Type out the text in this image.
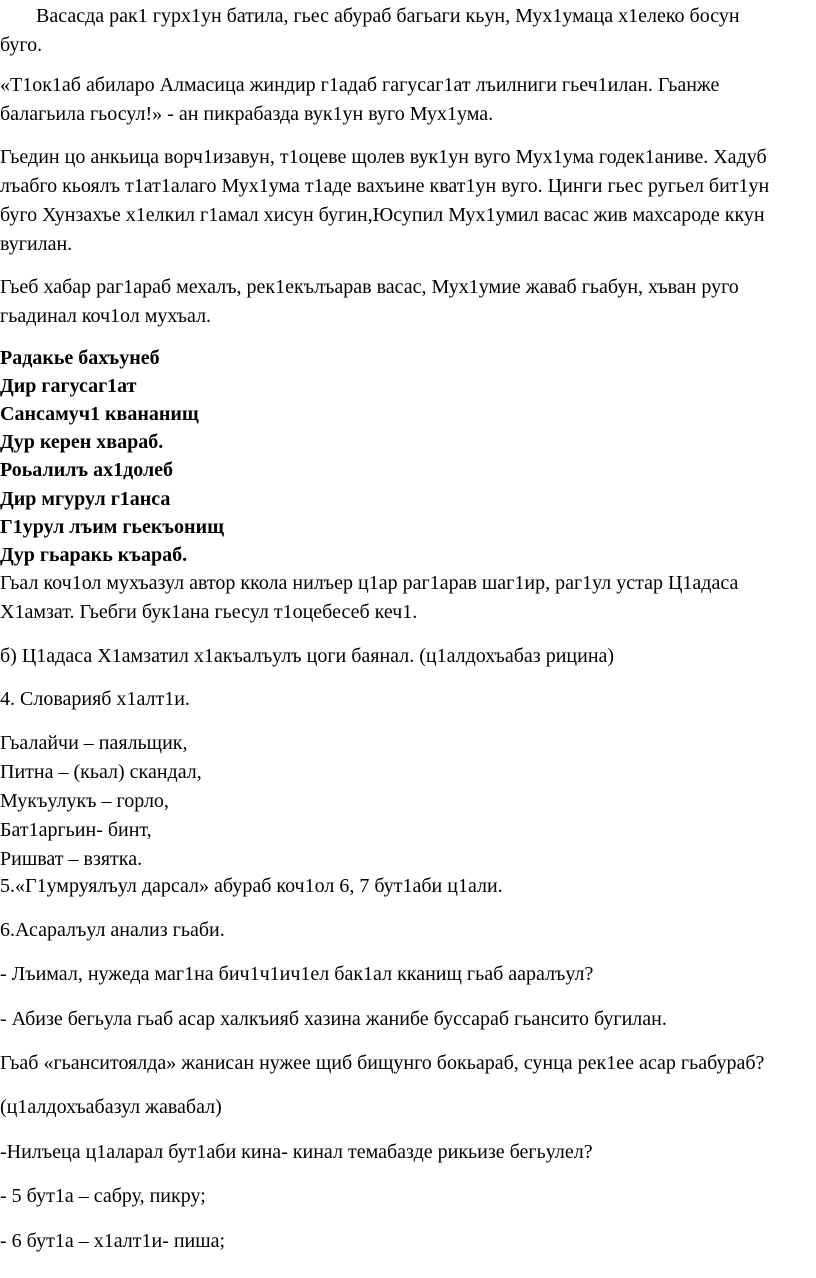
Васасда рак1 гурх1ун батила, гьес абураб багьаги кьун, Мух1умаца х1елеко босун

буго.

«Т1ок1аб абиларо Алмасица жиндир г1адаб гагусаг1ат лъилниги гьеч1илан. Гьанже

балагьила гьосул!» - ан пикрабазда вук1ун вуго Мух1ума.

Гьедин цо анкьица ворч1изавун, т1оцеве щолев вук1ун вуго Мух1ума годек1аниве. Хадуб

лъабго кьоялъ т1ат1алаго Мух1ума т1аде вахъине кват1ун вуго. Цинги гьес ругьел бит1ун

буго Хунзахъе х1елкил г1амал хисун бугин,Юсупил Мух1умил васас жив махсароде ккун

вугилан.

Гьеб хабар раг1араб мехалъ, рек1екълъарав васас, Мух1умие жаваб гьабун, хъван руго

гьадинал коч1ол мухъал.

Радакье бахъунеб

Дир гагусаг1ат

Сансамуч1 квананищ

Дур керен хвараб.

Роьалилъ ах1долеб

Дир мгурул г1анса

Г1урул лъим гьекъонищ

Дур гьаракь къараб.

Гьал коч1ол мухъазул автор ккола нилъер ц1ар раг1арав шаг1ир, раг1ул устар Ц1адаса

Х1амзат. Гьебги бук1ана гьесул т1оцебесеб кеч1.

б) Ц1адаса Х1амзатил х1акъалъулъ цоги баянал. (ц1алдохъабаз рицина)

4. Словарияб х1алт1и.

Гьалайчи – паяльщик,

Питна – (кьал) скандал,

Мукъулукъ – горло,

Бат1аргьин- бинт,

Ришват – взятка.

5.«Г1умруялъул дарсал» абураб коч1ол 6, 7 бут1аби ц1али.

6.Асаралъул анализ гьаби.

- Лъимал, нужеда маг1на бич1ч1ич1ел бак1ал кканищ гьаб ааралъул?

- Абизе бегьула гьаб асар халкъияб хазина жанибе буссараб гьансито бугилан.

Гьаб «гьанситоялда» жанисан нужее щиб бищунго бокьараб, сунца рек1ее асар гьабураб?

(ц1алдохъабазул жавабал)

-Нилъеца ц1аларал бут1аби кина- кинал темабазде рикьизе бегьулел?

- 5 бут1а – сабру, пикру;

- 6 бут1а – х1алт1и- пиша;
